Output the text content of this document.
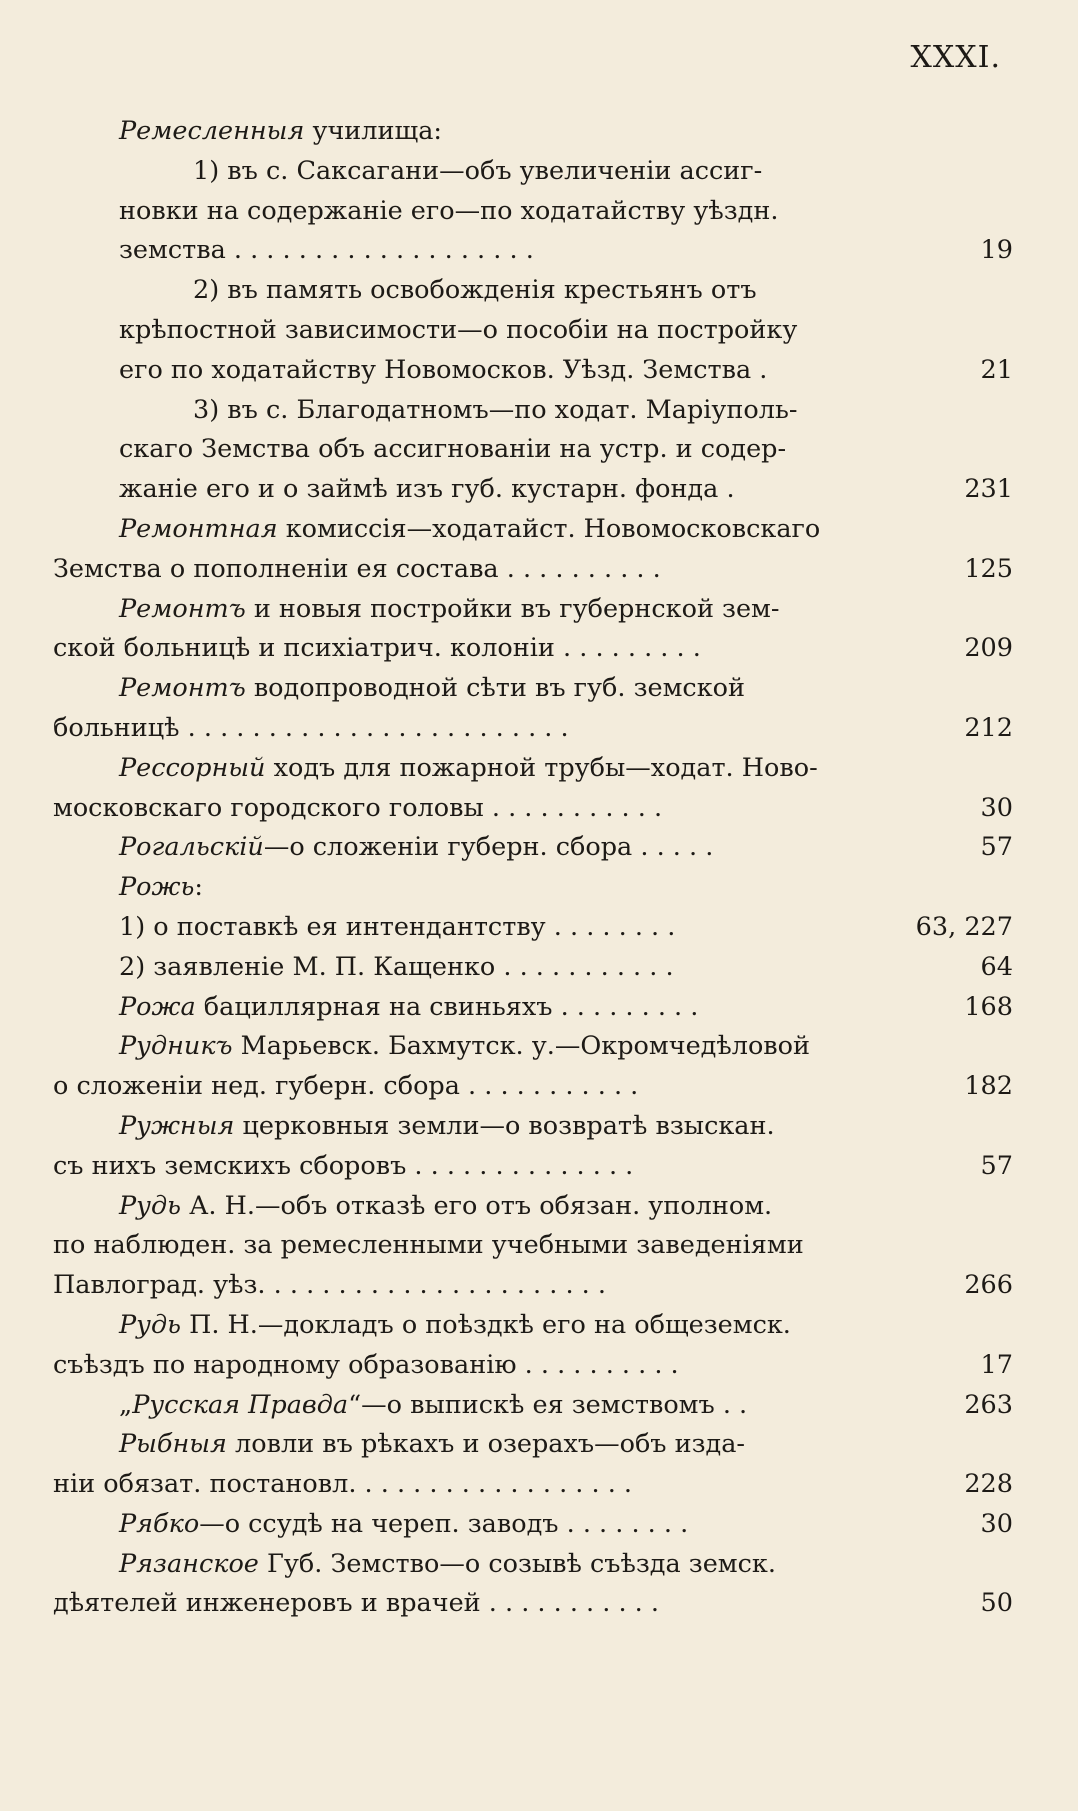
XXXI.
Ремесленныя училища:
1) въ с. Саксагани—объ увеличеніи ассиг-
новки на содержаніе его—по ходатайству уѣздн.
земства . . . . . . . . . . . . . . . . . . .	19
2) въ память освобожденія крестьянъ отъ
крѣпостной зависимости—о пособіи на постройку
его по ходатайству Новомосков. Уѣзд. Земства .	21
3) въ с. Благодатномъ—по ходат. Маріуполь-
скаго Земства объ ассигнованіи на устр. и содер-
жаніе его и о займѣ изъ губ. кустарн. фонда .	231
Ремонтная комиссія—ходатайст. Новомосковскаго
Земства о пополненіи ея состава . . . . . . . . . .	125
Ремонтъ и новыя постройки въ губернской зем-
ской больницѣ и психіатрич. колоніи . . . . . . . . .	209
Ремонтъ водопроводной сѣти въ губ. земской
больницѣ . . . . . . . . . . . . . . . . . . . . . . . .	212
Рессорный ходъ для пожарной трубы—ходат. Ново-
московскаго городского головы . . . . . . . . . . .	30
Рогальскій—о сложеніи губерн. сбора . . . . .	57
Рожь:
1) о поставкѣ ея интендантству . . . . . . . .	63, 227
2) заявленіе М. П. Кащенко . . . . . . . . . . .	64
Рожа бациллярная на свиньяхъ . . . . . . . . .	168
Рудникъ Марьевск. Бахмутск. у.—Окромчедѣловой
о сложеніи нед. губерн. сбора . . . . . . . . . . .	182
Ружныя церковныя земли—о возвратѣ взыскан.
съ нихъ земскихъ сборовъ . . . . . . . . . . . . . .	57
Рудь А. Н.—объ отказѣ его отъ обязан. уполном.
по наблюден. за ремесленными учебными заведеніями
Павлоград. уѣз. . . . . . . . . . . . . . . . . . . . . .	266
Рудь П. Н.—докладъ о поѣздкѣ его на общеземск.
съѣздъ по народному образованію . . . . . . . . . .	17
„Русская Правда“—о выпискѣ ея земствомъ . .	263
Рыбныя ловли въ рѣкахъ и озерахъ—объ изда-
ніи обязат. постановл. . . . . . . . . . . . . . . . . .	228
Рябко—о ссудѣ на череп. заводъ . . . . . . . .	30
Рязанское Губ. Земство—о созывѣ съѣзда земск.
дѣятелей инженеровъ и врачей . . . . . . . . . . .	50
